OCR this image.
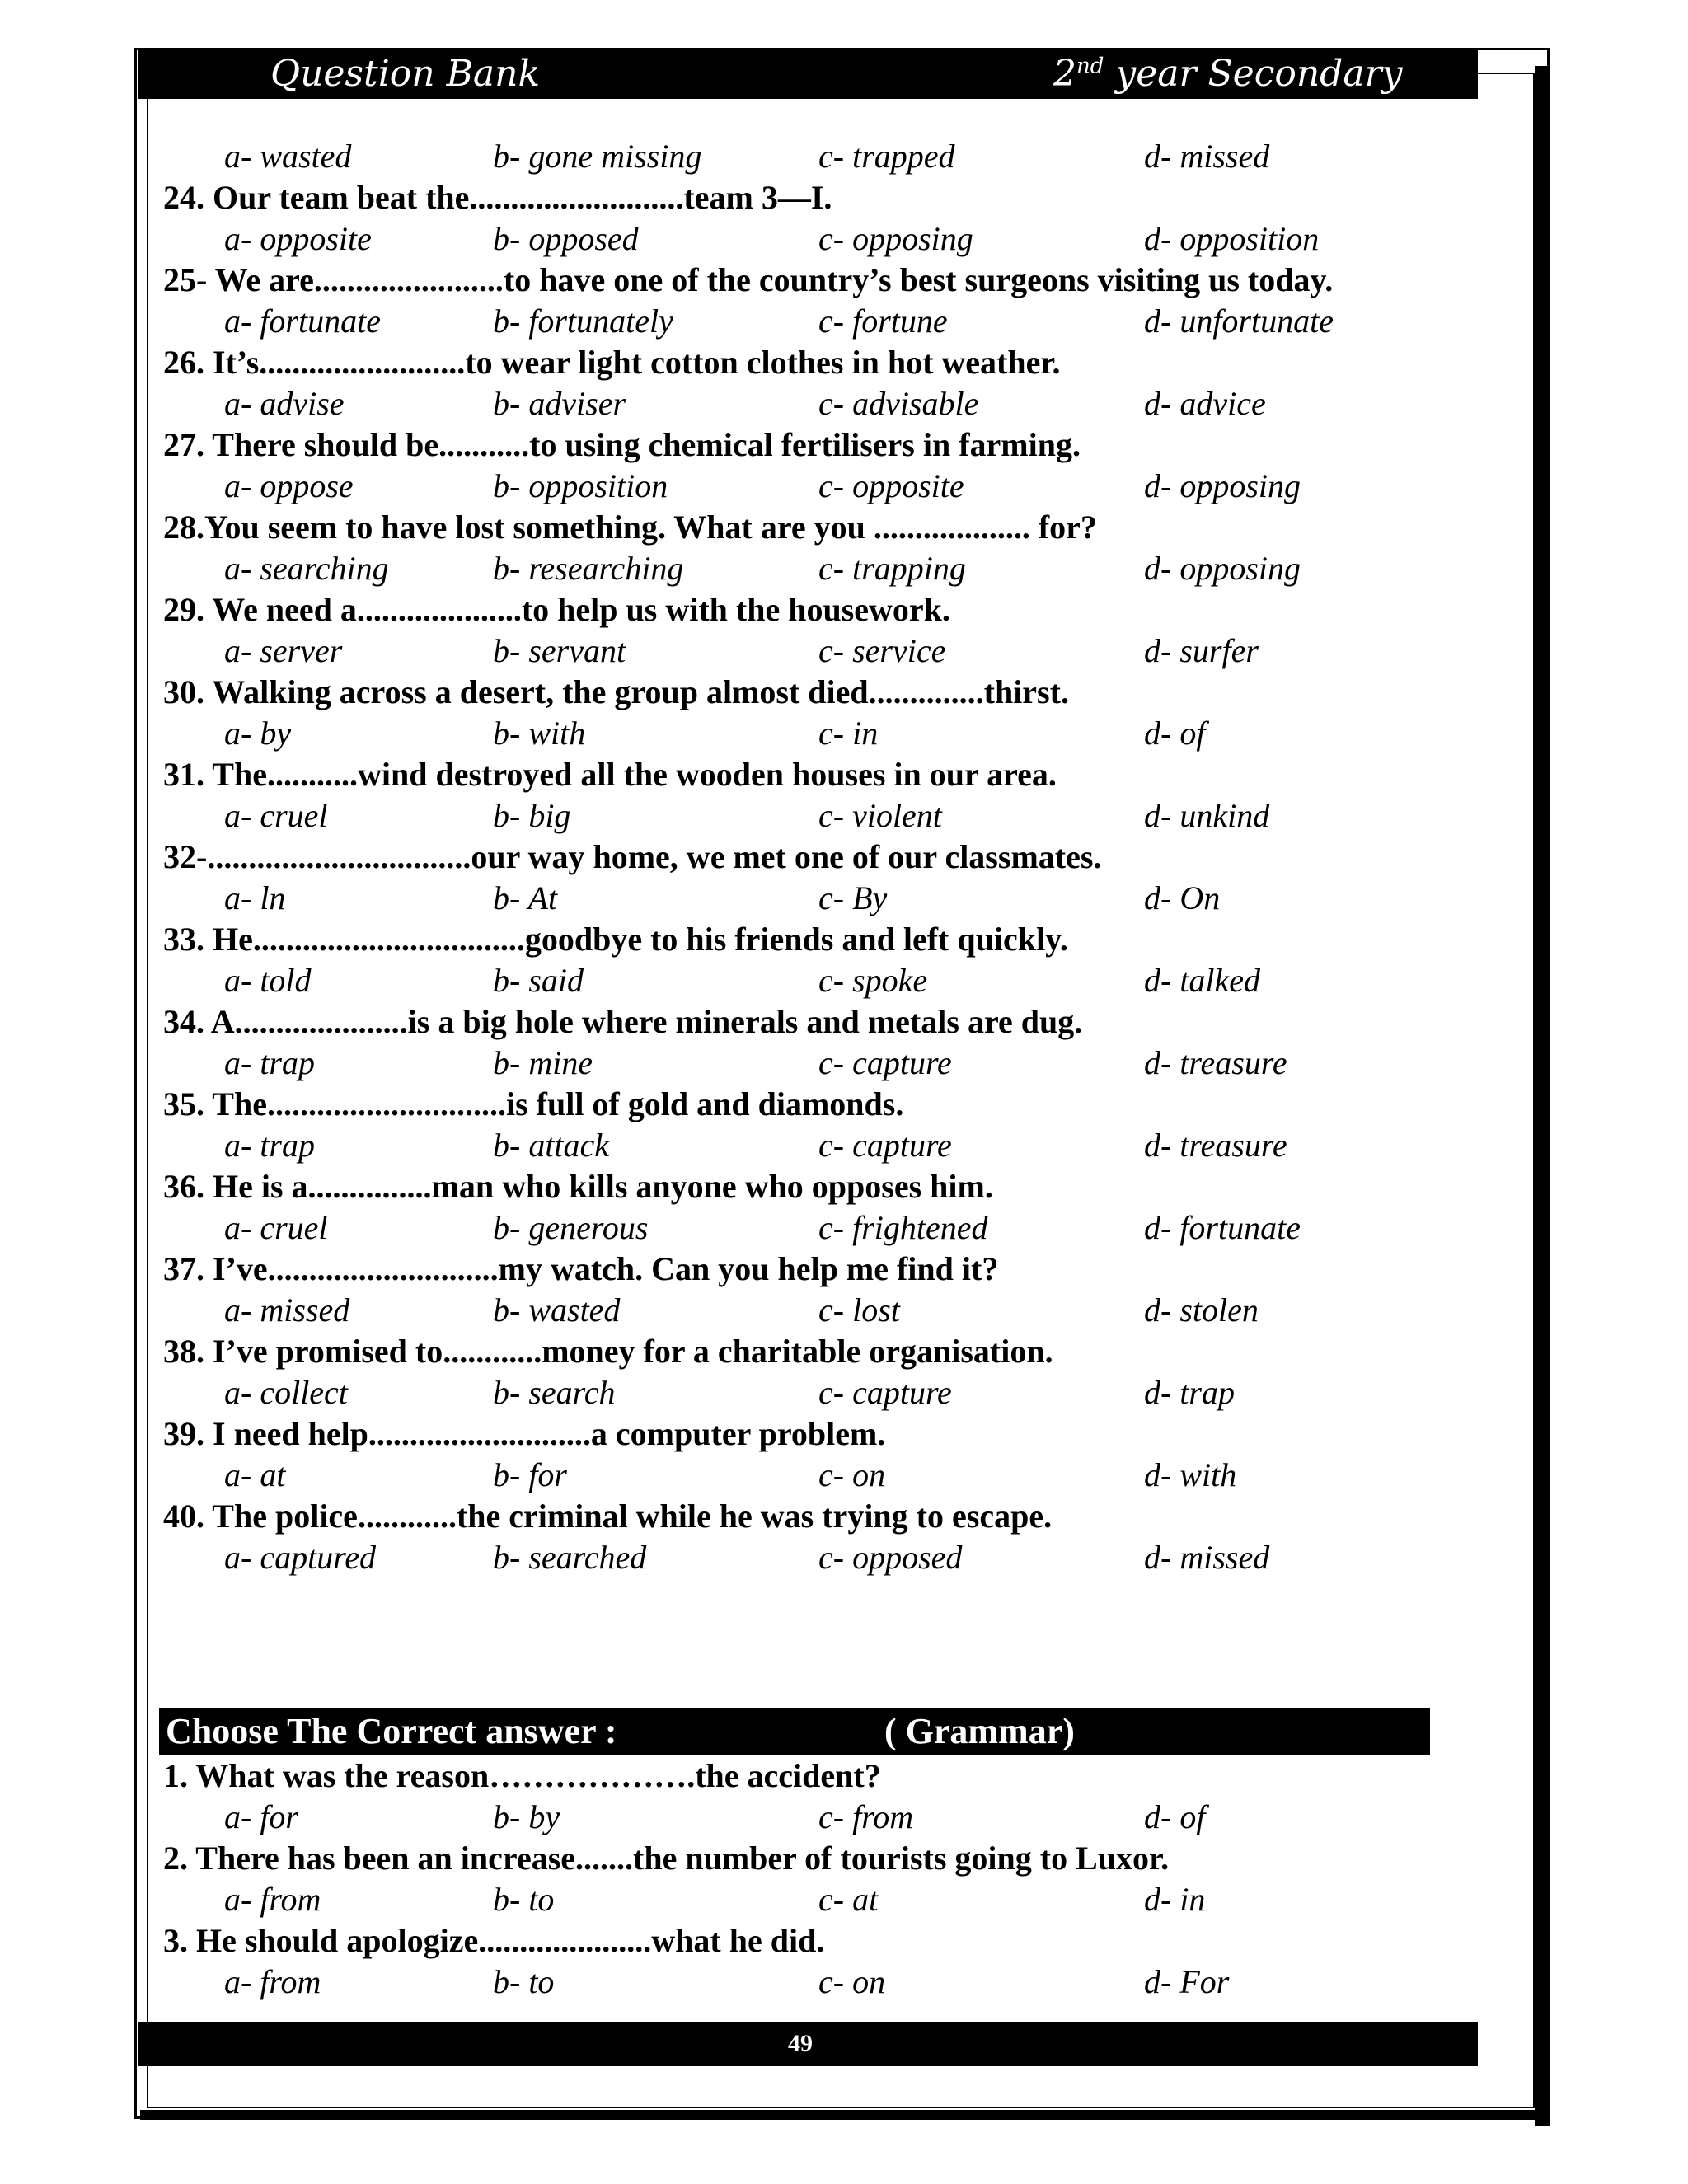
Question Bank	2nd year Secondary
a- wasted	b- gone missing	c- trapped	d- missed
24. Our team beat the..........................team 3—I.
a- opposite	b- opposed	c- opposing	d- opposition
25- We are.......................to have one of the country’s best surgeons visiting us today.
a- fortunate	b- fortunately	c- fortune	d- unfortunate
26. It’s.........................to wear light cotton clothes in hot weather.
a- advise	b- adviser	c- advisable	d- advice
27. There should be...........to using chemical fertilisers in farming.
a- oppose	b- opposition	c- opposite	d- opposing
28.You seem to have lost something. What are you ................... for?
a- searching	b- researching	c- trapping	d- opposing
29. We need a....................to help us with the housework.
a- server	b- servant	c- service	d- surfer
30. Walking across a desert, the group almost died..............thirst.
a- by	b- with	c- in	d- of
31. The...........wind destroyed all the wooden houses in our area.
a- cruel	b- big	c- violent	d- unkind
32-................................our way home, we met one of our classmates.
a- ln	b- At	c- By	d- On
33. He.................................goodbye to his friends and left quickly.
a- told	b- said	c- spoke	d- talked
34. A.....................is a big hole where minerals and metals are dug.
a- trap	b- mine	c- capture	d- treasure
35. The.............................is full of gold and diamonds.
a- trap	b- attack	c- capture	d- treasure
36. He is a...............man who kills anyone who opposes him.
a- cruel	b- generous	c- frightened	d- fortunate
37. I’ve............................my watch. Can you help me find it?
a- missed	b- wasted	c- lost	d- stolen
38. I’ve promised to............money for a charitable organisation.
a- collect	b- search	c- capture	d- trap
39. I need help...........................a computer problem.
a- at	b- for	c- on	d- with
40. The police............the criminal while he was trying to escape.
a- captured	b- searched	c- opposed	d- missed
Choose The Correct answer :	( Grammar)
1. What was the reason……………….the accident?
a- for	b- by	c- from	d- of
2. There has been an increase.......the number of tourists going to Luxor.
a- from	b- to	c- at	d- in
3. He should apologize.....................what he did.
a- from	b- to	c- on	d- For
49
